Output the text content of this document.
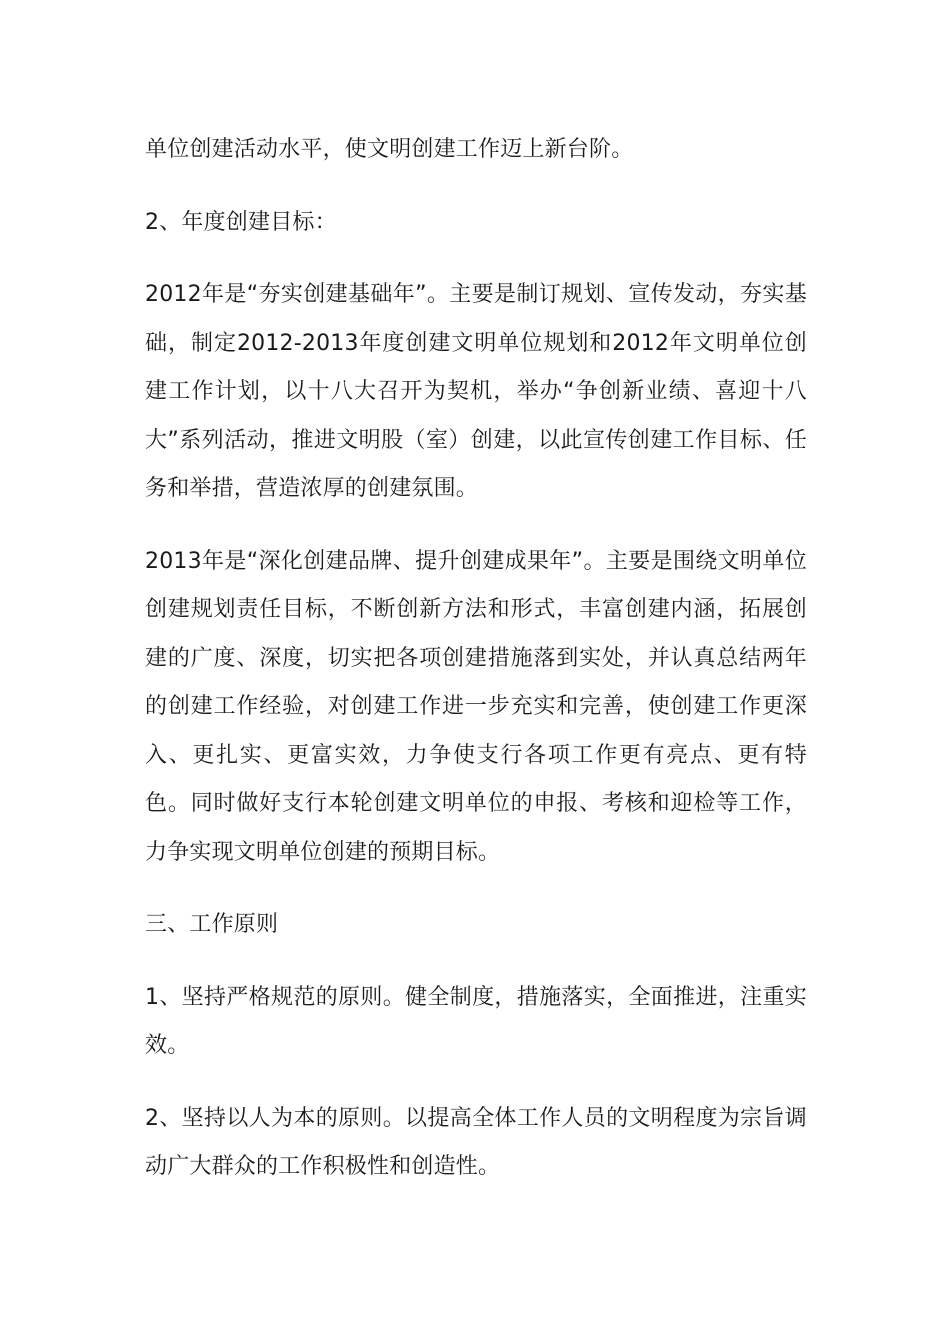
单位创建活动水平，使文明创建工作迈上新台阶。

2、年度创建目标：

2012年是“夯实创建基础年”。主要是制订规划、宣传发动，夯实基础，制定2012-2013年度创建文明单位规划和2012年文明单位创建工作计划，以十八大召开为契机，举办“争创新业绩、喜迎十八大”系列活动，推进文明股（室）创建，以此宣传创建工作目标、任务和举措，营造浓厚的创建氛围。

2013年是“深化创建品牌、提升创建成果年”。主要是围绕文明单位创建规划责任目标，不断创新方法和形式，丰富创建内涵，拓展创建的广度、深度，切实把各项创建措施落到实处，并认真总结两年的创建工作经验，对创建工作进一步充实和完善，使创建工作更深入、更扎实、更富实效，力争使支行各项工作更有亮点、更有特色。同时做好支行本轮创建文明单位的申报、考核和迎检等工作，力争实现文明单位创建的预期目标。

三、工作原则

1、坚持严格规范的原则。健全制度，措施落实，全面推进，注重实效。

2、坚持以人为本的原则。以提高全体工作人员的文明程度为宗旨调动广大群众的工作积极性和创造性。
